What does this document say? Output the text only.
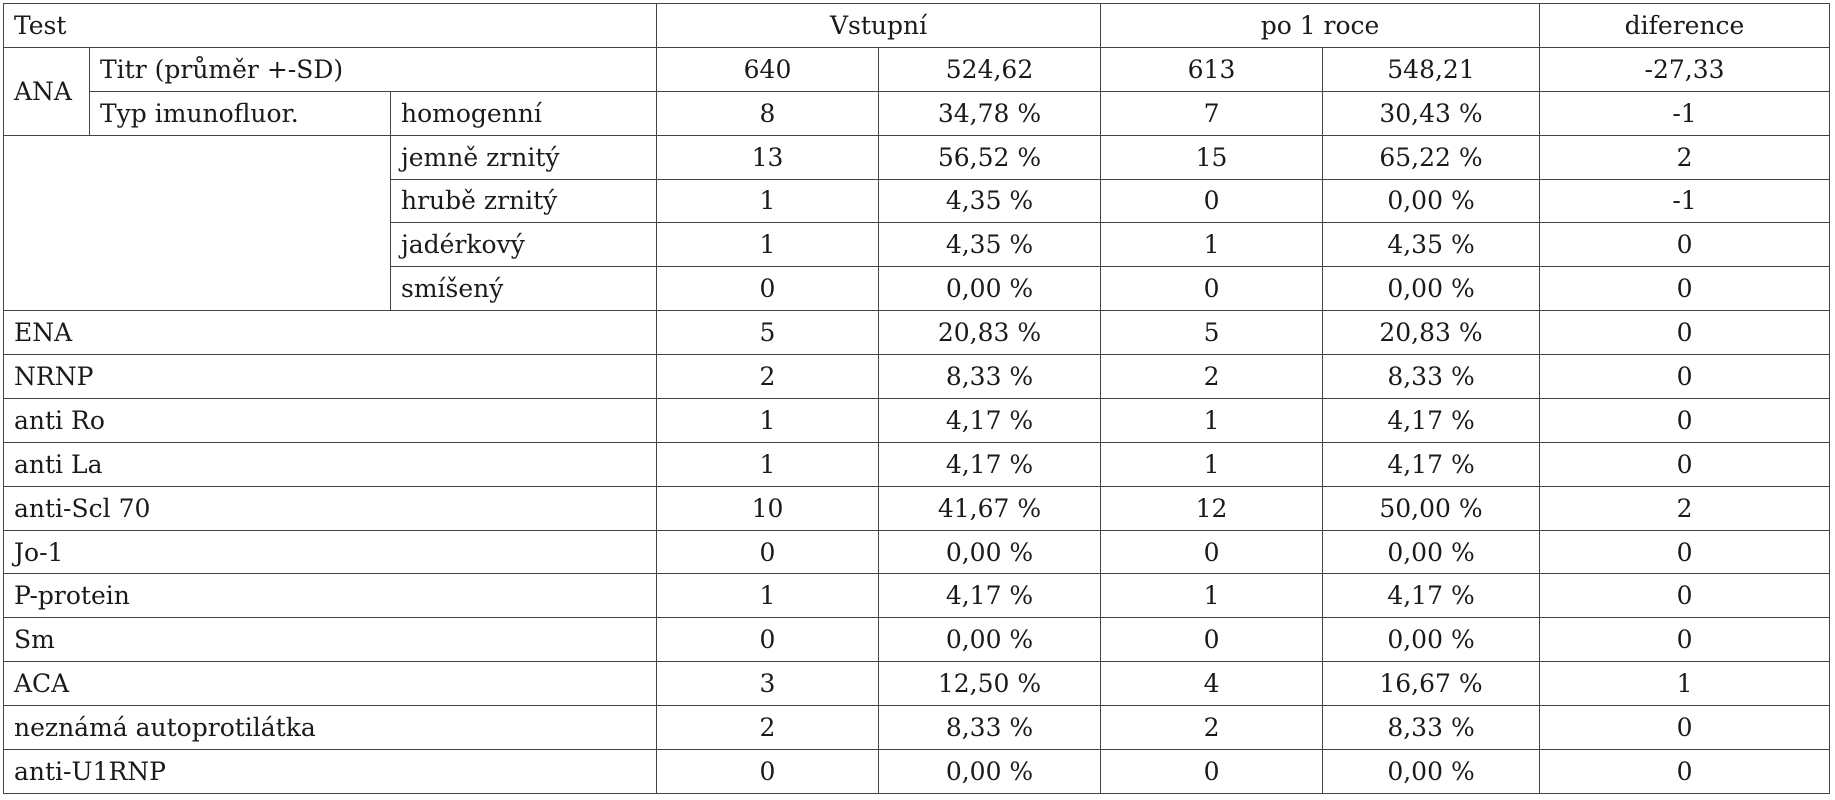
Test			Vstupní		po 1 roce		diference
ANA	Titr (průměr +-SD)		640	524,62	613	548,21	-27,33
	Typ imunofluor.	homogenní	8	34,78 %	7	30,43 %	-1
		jemně zrnitý	13	56,52 %	15	65,22 %	2
		hrubě zrnitý	1	4,35 %	0	0,00 %	-1
		jadérkový	1	4,35 %	1	4,35 %	0
		smíšený	0	0,00 %	0	0,00 %	0
ENA			5	20,83 %	5	20,83 %	0
NRNP			2	8,33 %	2	8,33 %	0
anti Ro			1	4,17 %	1	4,17 %	0
anti La			1	4,17 %	1	4,17 %	0
anti-Scl 70			10	41,67 %	12	50,00 %	2
Jo-1			0	0,00 %	0	0,00 %	0
P-protein			1	4,17 %	1	4,17 %	0
Sm			0	0,00 %	0	0,00 %	0
ACA			3	12,50 %	4	16,67 %	1
neznámá autoprotilátka			2	8,33 %	2	8,33 %	0
anti-U1RNP			0	0,00 %	0	0,00 %	0
